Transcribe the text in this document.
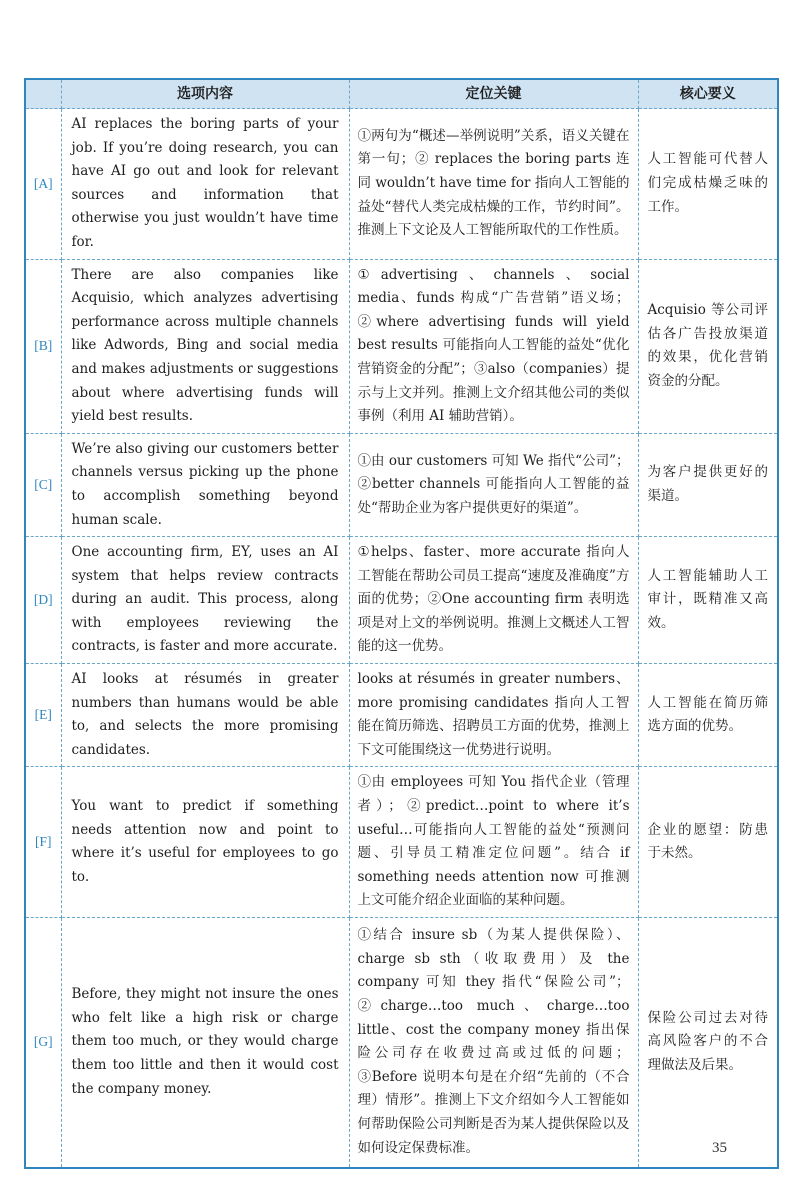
	选项内容	定位关键	核心要义
[A]	AI replaces the boring parts of your job. If you’re doing research, you can have AI go out and look for relevant sources and information that otherwise you just wouldn’t have time for.	①两句为“概述—举例说明”关系，语义关键在第一句；② replaces the boring parts 连同 wouldn’t have time for 指向人工智能的益处“替代人类完成枯燥的工作，节约时间”。推测上下文论及人工智能所取代的工作性质。	人工智能可代替人们完成枯燥乏味的工作。
[B]	There are also companies like Acquisio, which analyzes advertising performance across multiple channels like Adwords, Bing and social media and makes adjustments or suggestions about where advertising funds will yield best results.	①advertising、channels、social media、funds 构成“广告营销”语义场；②where advertising funds will yield best results 可能指向人工智能的益处“优化营销资金的分配”；③also（companies）提示与上文并列。推测上文介绍其他公司的类似事例（利用 AI 辅助营销）。	Acquisio 等公司评估各广告投放渠道的效果，优化营销资金的分配。
[C]	We’re also giving our customers better channels versus picking up the phone to accomplish something beyond human scale.	①由 our customers 可知 We 指代“公司”；②better channels 可能指向人工智能的益处“帮助企业为客户提供更好的渠道”。	为客户提供更好的渠道。
[D]	One accounting firm, EY, uses an AI system that helps review contracts during an audit. This process, along with employees reviewing the contracts, is faster and more accurate.	①helps、faster、more accurate 指向人工智能在帮助公司员工提高“速度及准确度”方面的优势；②One accounting firm 表明选项是对上文的举例说明。推测上文概述人工智能的这一优势。	人工智能辅助人工审计，既精准又高效。
[E]	AI looks at résumés in greater numbers than humans would be able to, and selects the more promising candidates.	looks at résumés in greater numbers、more promising candidates 指向人工智能在简历筛选、招聘员工方面的优势，推测上下文可能围绕这一优势进行说明。	人工智能在简历筛选方面的优势。
[F]	You want to predict if something needs attention now and point to where it’s useful for employees to go to.	①由 employees 可知 You 指代企业（管理者）；②predict…point to where it’s useful…可能指向人工智能的益处“预测问题、引导员工精准定位问题”。结合 if something needs attention now 可推测上文可能介绍企业面临的某种问题。	企业的愿望：防患于未然。
[G]	Before, they might not insure the ones who felt like a high risk or charge them too much, or they would charge them too little and then it would cost the company money.	①结合 insure sb（为某人提供保险）、charge sb sth（收取费用）及 the company 可知 they 指代“保险公司”；②charge…too much、charge…too little、cost the company money 指出保险公司存在收费过高或过低的问题；③Before 说明本句是在介绍“先前的（不合理）情形”。推测上下文介绍如今人工智能如何帮助保险公司判断是否为某人提供保险以及如何设定保费标准。	保险公司过去对待高风险客户的不合理做法及后果。
35
